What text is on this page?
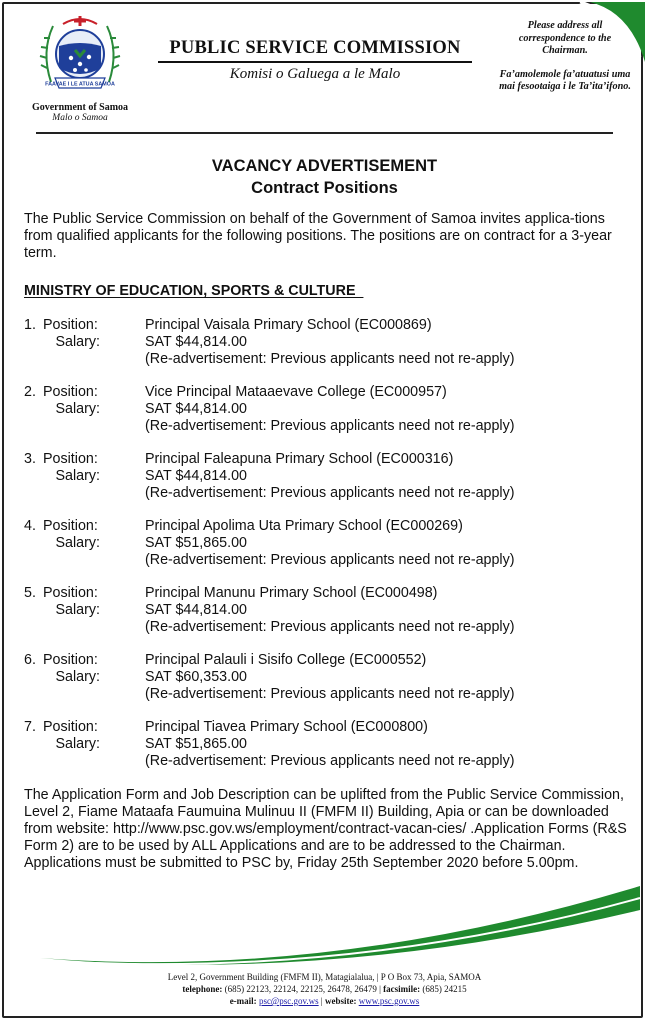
FAAVAE I LE ATUA SAMOA
Government of Samoa
Malo o Samoa
PUBLIC SERVICE COMMISSION
Komisi o Galuega a le Malo

Please address all correspondence to the Chairman.

Fa’amolemole fa’atuatusi uma mai fesootaiga i le Ta’ita’ifono.

VACANCY ADVERTISEMENT
Contract Positions
The Public Service Commission on behalf of the Government of Samoa invites applica-tions from qualified applicants for the following positions. The positions are on contract for a 3-year term.
MINISTRY OF EDUCATION, SPORTS & CULTURE
1. Position:
Salary:
Principal Vaisala Primary School (EC000869)
SAT $44,814.00
(Re-advertisement: Previous applicants need not re-apply)
2. Position:
Salary:
Vice Principal Mataaevave College (EC000957)
SAT $44,814.00
(Re-advertisement: Previous applicants need not re-apply)
3. Position:
Salary:
Principal Faleapuna Primary School (EC000316)
SAT $44,814.00
(Re-advertisement: Previous applicants need not re-apply)
4. Position:
Salary:
Principal Apolima Uta Primary School (EC000269)
SAT $51,865.00
(Re-advertisement: Previous applicants need not re-apply)
5. Position:
Salary:
Principal Manunu Primary School (EC000498)
SAT $44,814.00
(Re-advertisement: Previous applicants need not re-apply)
6. Position:
Salary:
Principal Palauli i Sisifo College (EC000552)
SAT $60,353.00
(Re-advertisement: Previous applicants need not re-apply)
7. Position:
Salary:
Principal Tiavea Primary School (EC000800)
SAT $51,865.00
(Re-advertisement: Previous applicants need not re-apply)
The Application Form and Job Description can be uplifted from the Public Service Commission, Level 2, Fiame Mataafa Faumuina Mulinuu II (FMFM II) Building, Apia or can be downloaded from website: http://www.psc.gov.ws/employment/contract-vacan-cies/ .Application Forms (R&S Form 2) are to be used by ALL Applications and are to be addressed to the Chairman. Applications must be submitted to PSC by, Friday 25th September 2020 before 5.00pm.
Level 2, Government Building (FMFM II), Matagialalua, | P O Box 73, Apia, SAMOA
telephone: (685) 22123, 22124, 22125, 26478, 26479 | facsimile: (685) 24215
e-mail: psc@psc.gov.ws | website: www.psc.gov.ws
